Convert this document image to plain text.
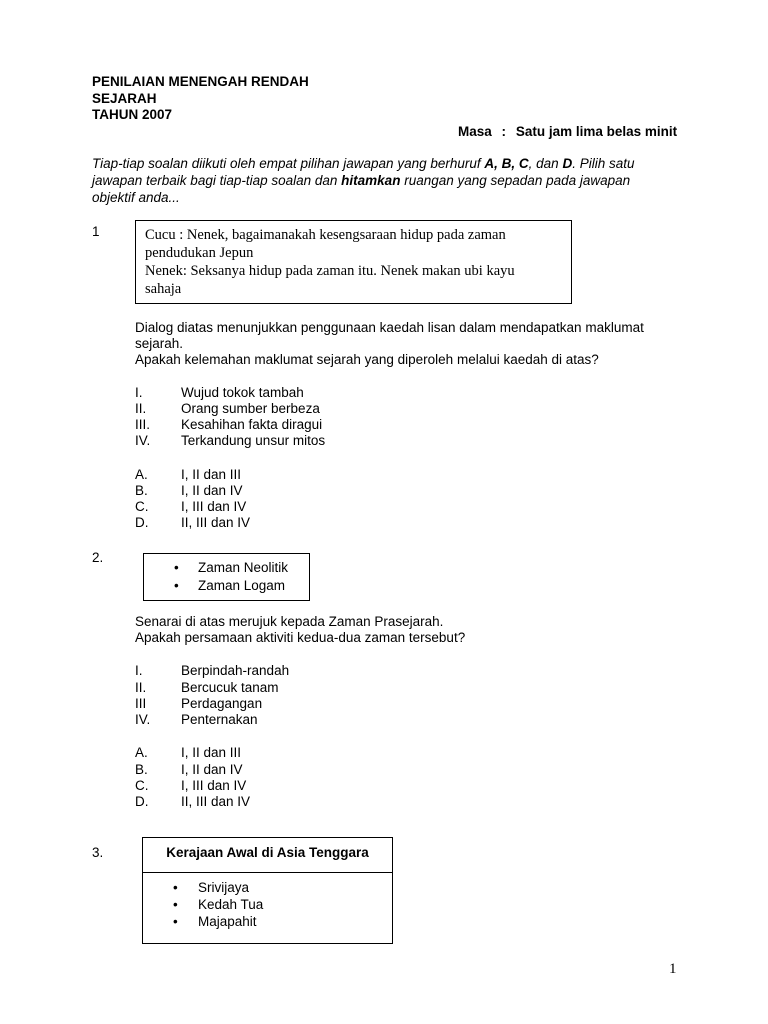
PENILAIAN MENENGAH RENDAH
SEJARAH
TAHUN 2007
Masa : Satu jam lima belas minit
Tiap-tiap soalan diikuti oleh empat pilihan jawapan yang berhuruf A, B, C, dan D. Pilih satu
jawapan terbaik bagi tiap-tiap soalan dan hitamkan ruangan yang sepadan pada jawapan
objektif anda...
1	Cucu : Nenek, bagaimanakah kesengsaraan hidup pada zaman
pendudukan Jepun
Nenek: Seksanya hidup pada zaman itu. Nenek makan ubi kayu
sahaja
Dialog diatas menunjukkan penggunaan kaedah lisan dalam mendapatkan maklumat
sejarah.
Apakah kelemahan maklumat sejarah yang diperoleh melalui kaedah di atas?
I.	Wujud tokok tambah
II.	Orang sumber berbeza
III. Kesahihan fakta diragui
IV. Terkandung unsur mitos
A. I, II dan III
B. I, II dan IV
C. I, III dan IV
D. II, III dan IV
2.
• Zaman Neolitik
• Zaman Logam
Senarai di atas merujuk kepada Zaman Prasejarah.
Apakah persamaan aktiviti kedua-dua zaman tersebut?
I.	Berpindah-randah
II.	Bercucuk tanam
III	Perdagangan
IV. Penternakan
A. I, II dan III
B. I, II dan IV
C. I, III dan IV
D. II, III dan IV
3.	Kerajaan Awal di Asia Tenggara
• Srivijaya
• Kedah Tua
• Majapahit
1
